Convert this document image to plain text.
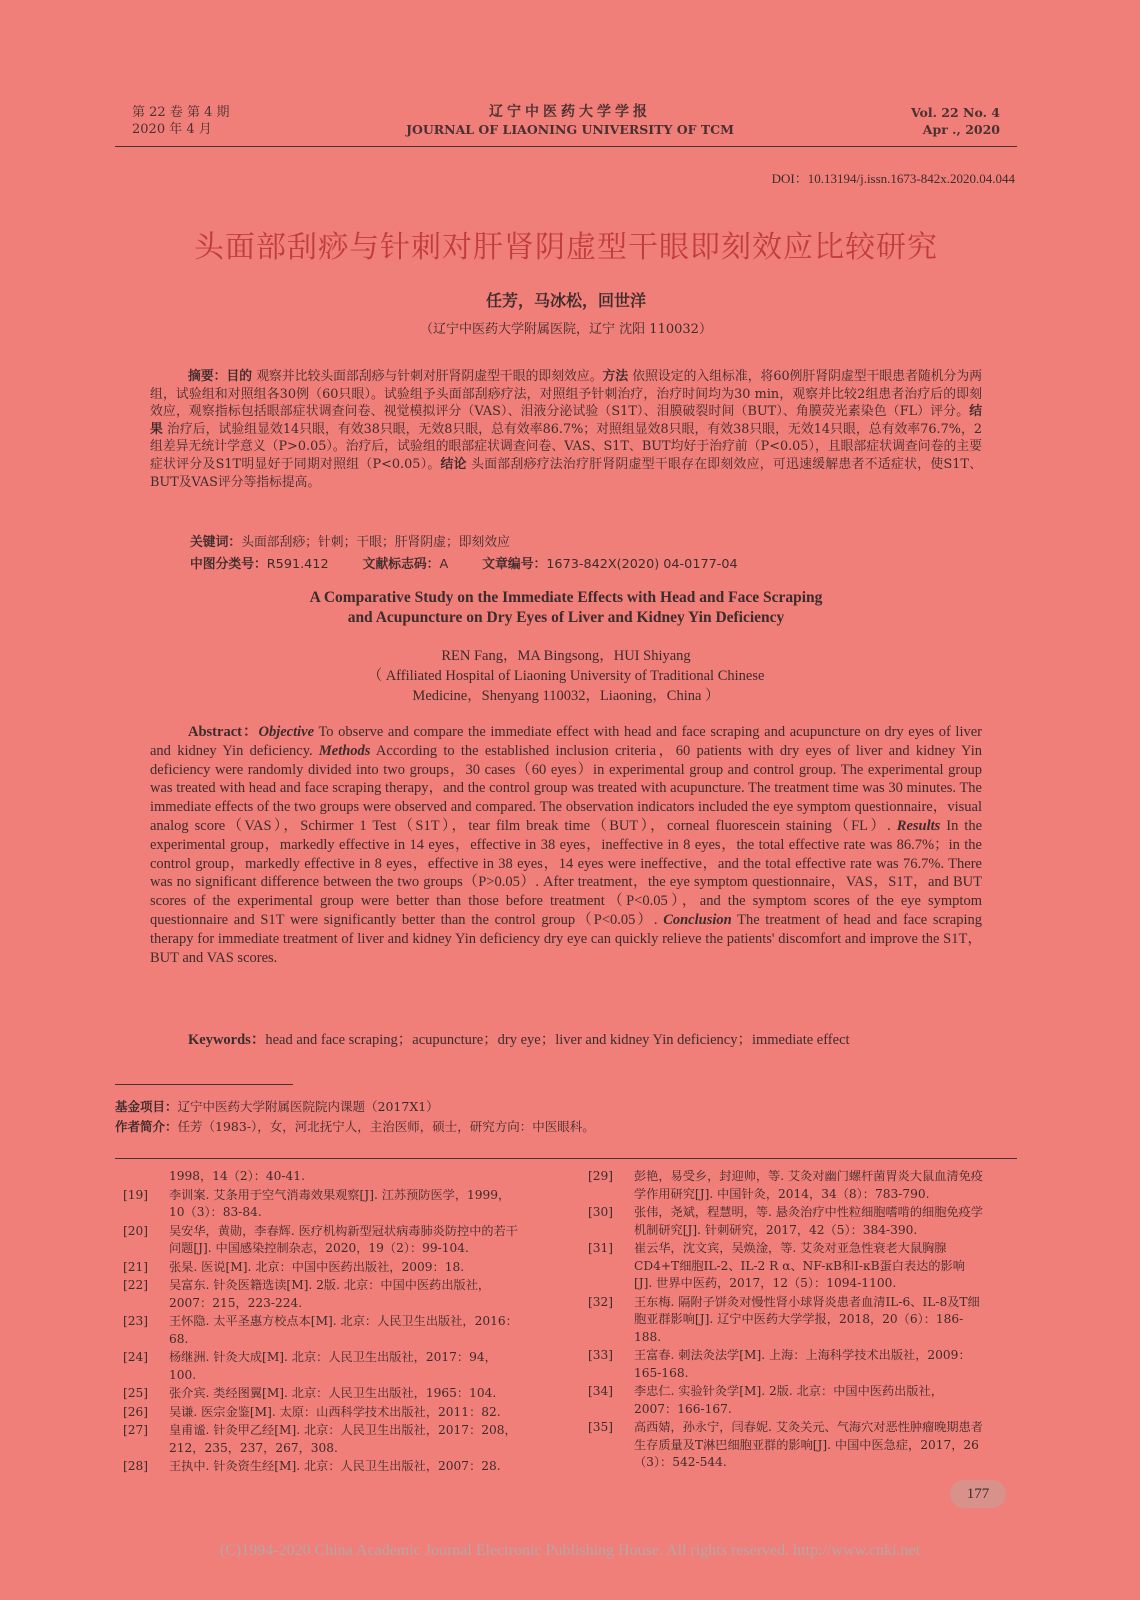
第 22 卷 第 4 期
2020 年 4 月
辽宁中医药大学学报
JOURNAL OF LIAONING UNIVERSITY OF TCM
Vol. 22 No. 4
Apr ., 2020
DOI：10.13194/j.issn.1673-842x.2020.04.044
头面部刮痧与针刺对肝肾阴虚型干眼即刻效应比较研究
任芳，马冰松，回世洋
（辽宁中医药大学附属医院，辽宁 沈阳 110032）
摘要：目的 观察并比较头面部刮痧与针刺对肝肾阴虚型干眼的即刻效应。方法 依照设定的入组标准，将60例肝肾阴虚型干眼患者随机分为两组，试验组和对照组各30例（60只眼）。试验组予头面部刮痧疗法，对照组予针刺治疗，治疗时间均为30 min，观察并比较2组患者治疗后的即刻效应，观察指标包括眼部症状调查问卷、视觉模拟评分（VAS）、泪液分泌试验（S1T）、泪膜破裂时间（BUT）、角膜荧光素染色（FL）评分。结果 治疗后，试验组显效14只眼，有效38只眼，无效8只眼，总有效率86.7%；对照组显效8只眼，有效38只眼，无效14只眼，总有效率76.7%，2组差异无统计学意义（P>0.05）。治疗后，试验组的眼部症状调查问卷、VAS、S1T、BUT均好于治疗前（P<0.05），且眼部症状调查问卷的主要症状评分及S1T明显好于同期对照组（P<0.05）。结论 头面部刮痧疗法治疗肝肾阴虚型干眼存在即刻效应，可迅速缓解患者不适症状，使S1T、BUT及VAS评分等指标提高。
关键词：头面部刮痧；针刺；干眼；肝肾阴虚；即刻效应
中图分类号：R591.412	文献标志码：A	文章编号：1673-842X(2020) 04-0177-04
A Comparative Study on the Immediate Effects with Head and Face Scraping
and Acupuncture on Dry Eyes of Liver and Kidney Yin Deficiency
REN Fang，MA Bingsong，HUI Shiyang
（ Affiliated Hospital of Liaoning University of Traditional Chinese
Medicine，Shenyang 110032，Liaoning，China ）
Abstract：Objective To observe and compare the immediate effect with head and face scraping and acupuncture on dry eyes of liver and kidney Yin deficiency. Methods According to the established inclusion criteria，60 patients with dry eyes of liver and kidney Yin deficiency were randomly divided into two groups，30 cases（60 eyes）in experimental group and control group. The experimental group was treated with head and face scraping therapy，and the control group was treated with acupuncture. The treatment time was 30 minutes. The immediate effects of the two groups were observed and compared. The observation indicators included the eye symptom questionnaire，visual analog score（VAS），Schirmer 1 Test（S1T），tear film break time（BUT），corneal fluorescein staining（FL）. Results In the experimental group，markedly effective in 14 eyes，effective in 38 eyes，ineffective in 8 eyes，the total effective rate was 86.7%；in the control group，markedly effective in 8 eyes，effective in 38 eyes，14 eyes were ineffective，and the total effective rate was 76.7%. There was no significant difference between the two groups（P>0.05）. After treatment，the eye symptom questionnaire，VAS，S1T，and BUT scores of the experimental group were better than those before treatment（P<0.05），and the symptom scores of the eye symptom questionnaire and S1T were significantly better than the control group（P<0.05）. Conclusion The treatment of head and face scraping therapy for immediate treatment of liver and kidney Yin deficiency dry eye can quickly relieve the patients' discomfort and improve the S1T，BUT and VAS scores.
Keywords：head and face scraping；acupuncture；dry eye；liver and kidney Yin deficiency；immediate effect
基金项目：辽宁中医药大学附属医院院内课题（2017X1）
作者简介：任芳（1983-），女，河北抚宁人，主治医师，硕士，研究方向：中医眼科。
1998，14（2）：40-41.
[19]	李训案. 艾条用于空气消毒效果观察[J]. 江苏预防医学，1999，10（3）：83-84.
[20]	吴安华，黄勋，李春辉. 医疗机构新型冠状病毒肺炎防控中的若干问题[J]. 中国感染控制杂志，2020，19（2）：99-104.
[21]	张杲. 医说[M]. 北京：中国中医药出版社，2009：18.
[22]	吴富东. 针灸医籍选读[M]. 2版. 北京：中国中医药出版社，2007：215，223-224.
[23]	王怀隐. 太平圣惠方校点本[M]. 北京：人民卫生出版社，2016：68.
[24]	杨继洲. 针灸大成[M]. 北京：人民卫生出版社，2017：94，100.
[25]	张介宾. 类经图翼[M]. 北京：人民卫生出版社，1965：104.
[26]	吴谦. 医宗金鉴[M]. 太原：山西科学技术出版社，2011：82.
[27]	皇甫谧. 针灸甲乙经[M]. 北京：人民卫生出版社，2017：208，212，235，237，267，308.
[28]	王执中. 针灸资生经[M]. 北京：人民卫生出版社，2007：28.
[29]	彭艳，易受乡，封迎帅，等. 艾灸对幽门螺杆菌胃炎大鼠血清免疫学作用研究[J]. 中国针灸，2014，34（8）：783-790.
[30]	张伟，尧斌，程慧明，等. 悬灸治疗中性粒细胞嗜啃的细胞免疫学机制研究[J]. 针刺研究，2017，42（5）：384-390.
[31]	崔云华，沈文宾，吴焕淦，等. 艾灸对亚急性衰老大鼠胸腺CD4+T细胞IL-2、IL-2 R α、NF-κB和I-κB蛋白表达的影响[J]. 世界中医药，2017，12（5）：1094-1100.
[32]	王东梅. 隔附子饼灸对慢性肾小球肾炎患者血清IL-6、IL-8及T细胞亚群影响[J]. 辽宁中医药大学学报，2018，20（6）：186-188.
[33]	王富春. 刺法灸法学[M]. 上海：上海科学技术出版社，2009：165-168.
[34]	李忠仁. 实验针灸学[M]. 2版. 北京：中国中医药出版社，2007：166-167.
[35]	高西婧，孙永宁，闫春妮. 艾灸关元、气海穴对恶性肿瘤晚期患者生存质量及T淋巴细胞亚群的影响[J]. 中国中医急症，2017，26（3）：542-544.
177
(C)1994-2020 China Academic Journal Electronic Publishing House. All rights reserved. http://www.cnki.net
